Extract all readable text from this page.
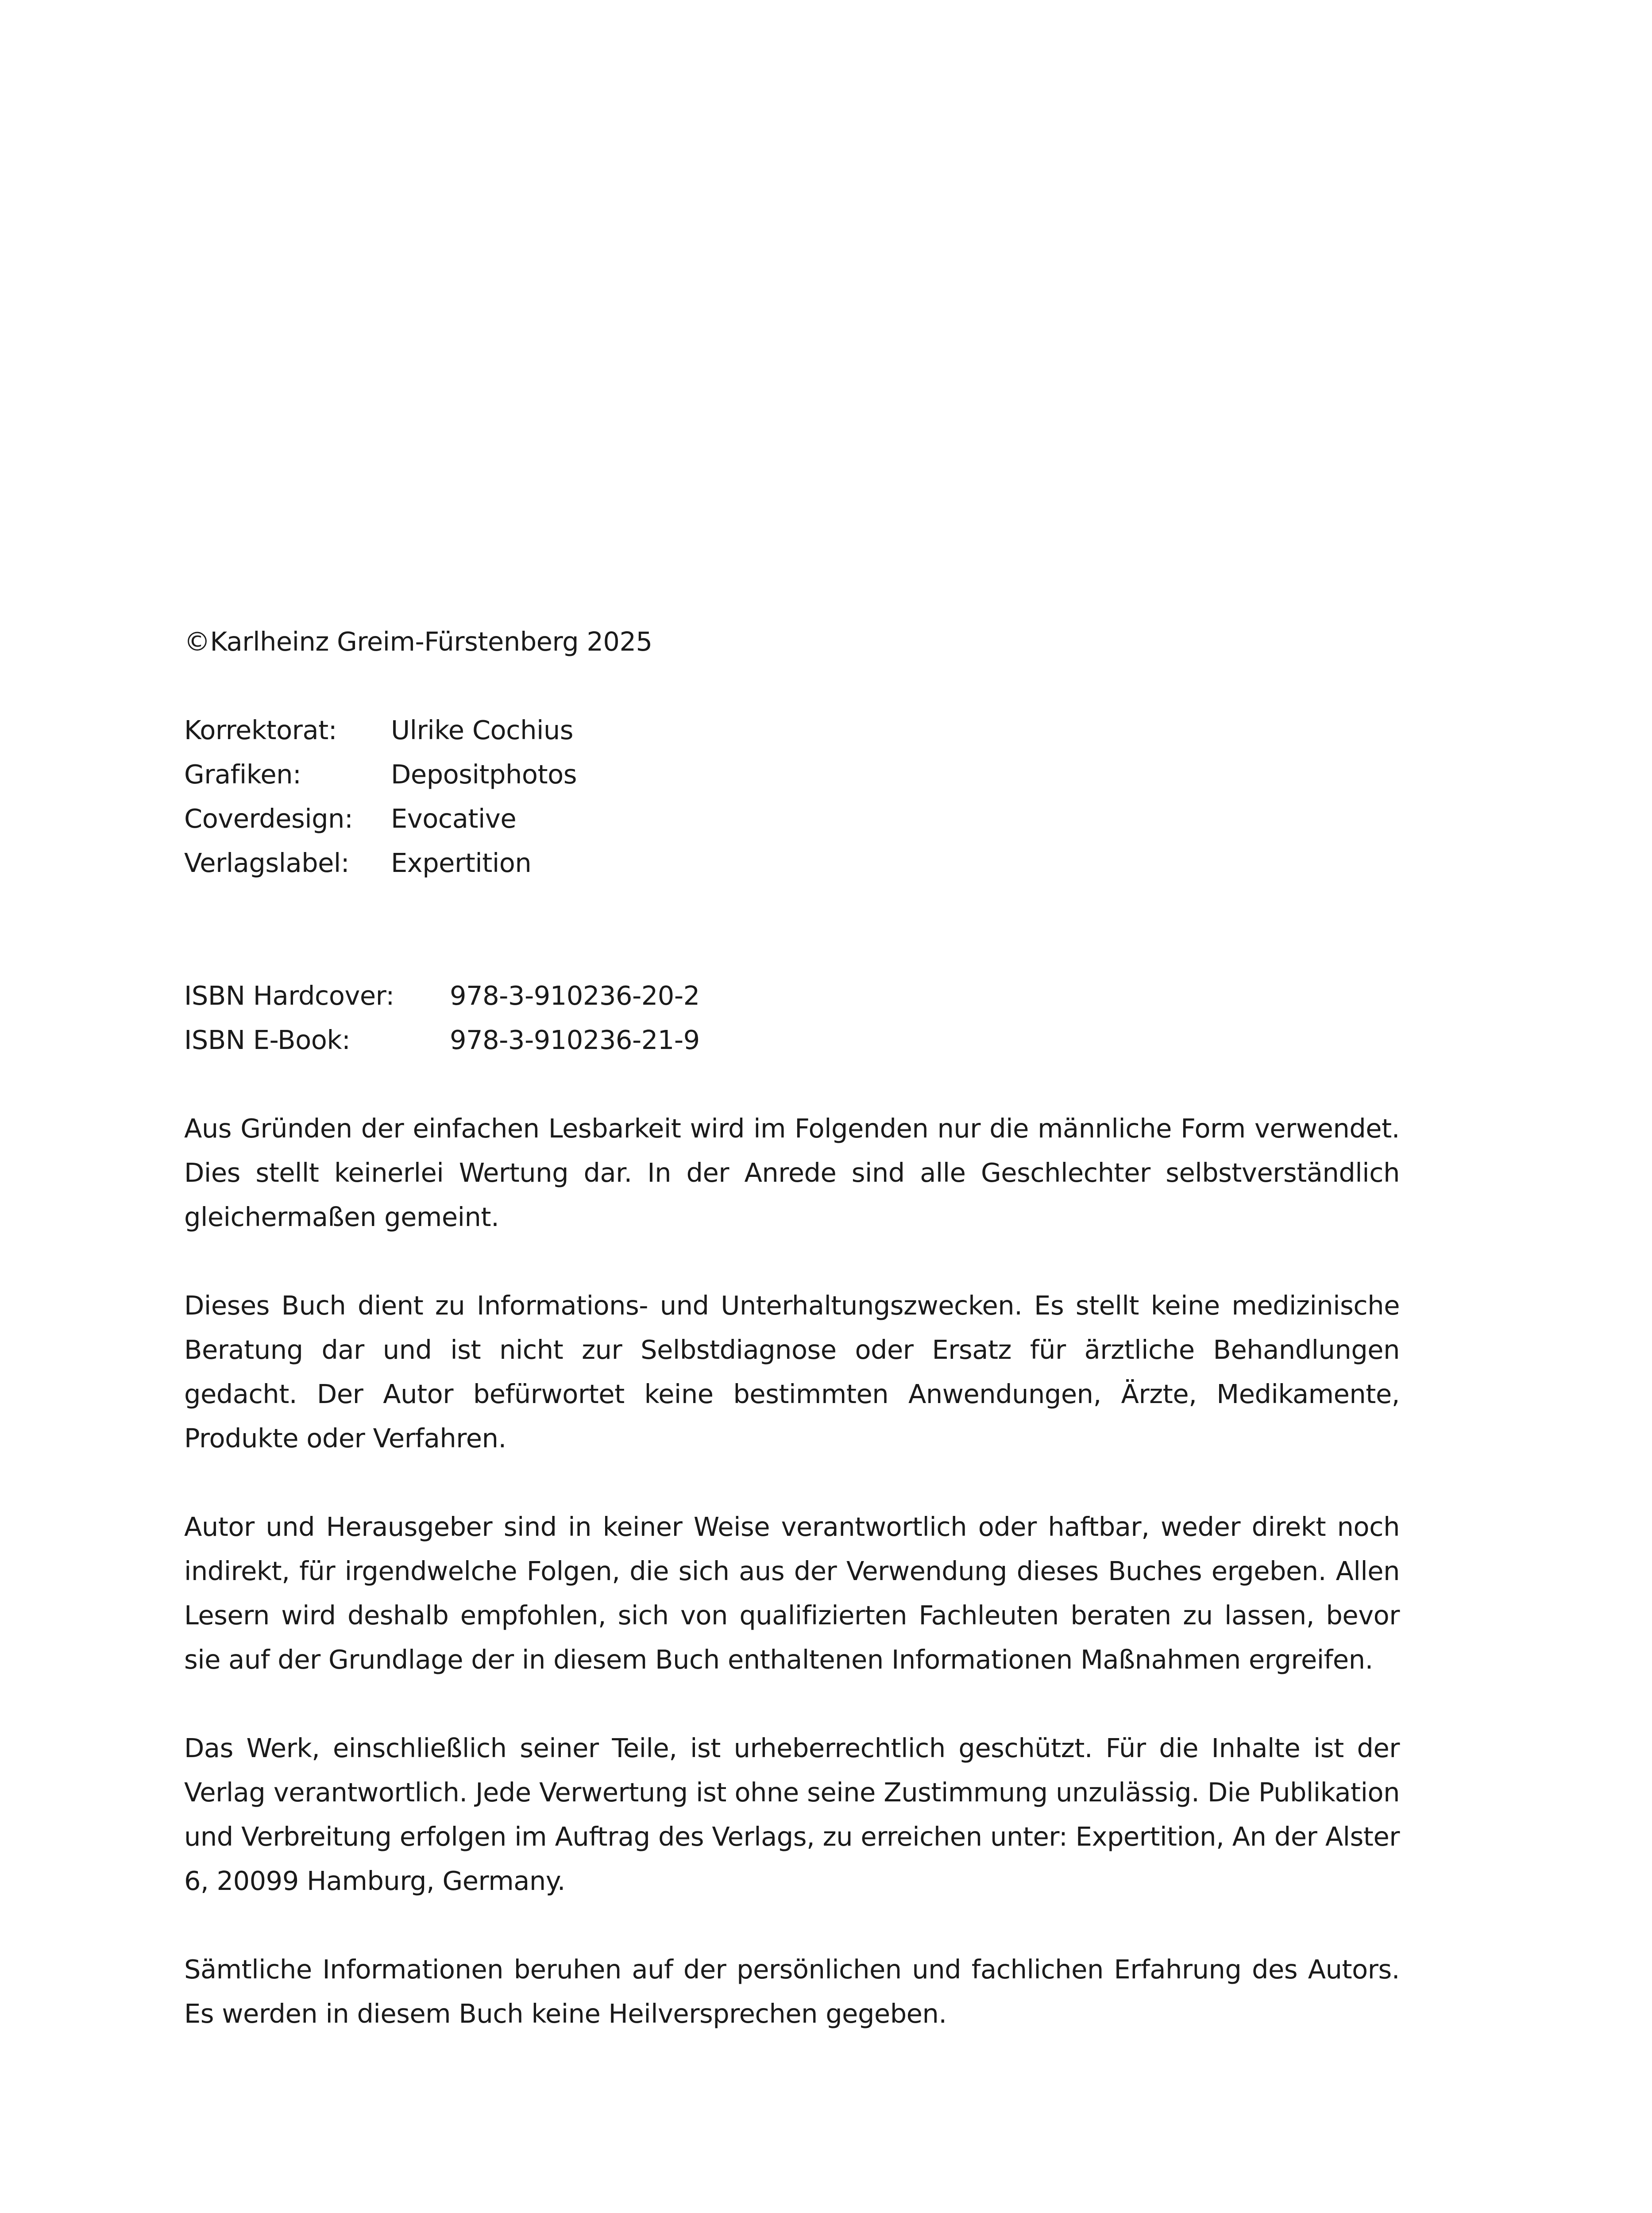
©Karlheinz Greim-Fürstenberg 2025

Korrektorat:	Ulrike Cochius
Grafiken:	Depositphotos
Coverdesign:	Evocative
Verlagslabel:	Expertition
ISBN Hardcover:	978-3-910236-20-2
ISBN E-Book:	978-3-910236-21-9

Aus Gründen der einfachen Lesbarkeit wird im Folgenden nur die männliche Form verwendet. Dies stellt keinerlei Wertung dar. In der Anrede sind alle Geschlechter selbstverständlich gleichermaßen gemeint.

Dieses Buch dient zu Informations- und Unterhaltungszwecken. Es stellt keine medizinische Beratung dar und ist nicht zur Selbstdiagnose oder Ersatz für ärztliche Behandlungen gedacht. Der Autor befürwortet keine bestimmten Anwendungen, Ärzte, Medikamente, Produkte oder Verfahren.

Autor und Herausgeber sind in keiner Weise verantwortlich oder haftbar, weder direkt noch indirekt, für irgendwelche Folgen, die sich aus der Verwendung dieses Buches ergeben. Allen Lesern wird deshalb empfohlen, sich von qualifizierten Fachleuten beraten zu lassen, bevor sie auf der Grundlage der in diesem Buch enthaltenen Informationen Maßnahmen ergreifen.

Das Werk, einschließlich seiner Teile, ist urheberrechtlich geschützt. Für die Inhalte ist der Verlag verantwortlich. Jede Verwertung ist ohne seine Zustimmung unzulässig. Die Publikation und Verbreitung erfolgen im Auftrag des Verlags, zu erreichen unter: Expertition, An der Alster 6, 20099 Hamburg, Germany.

Sämtliche Informationen beruhen auf der persönlichen und fachlichen Erfahrung des Autors. Es werden in diesem Buch keine Heilversprechen gegeben.
